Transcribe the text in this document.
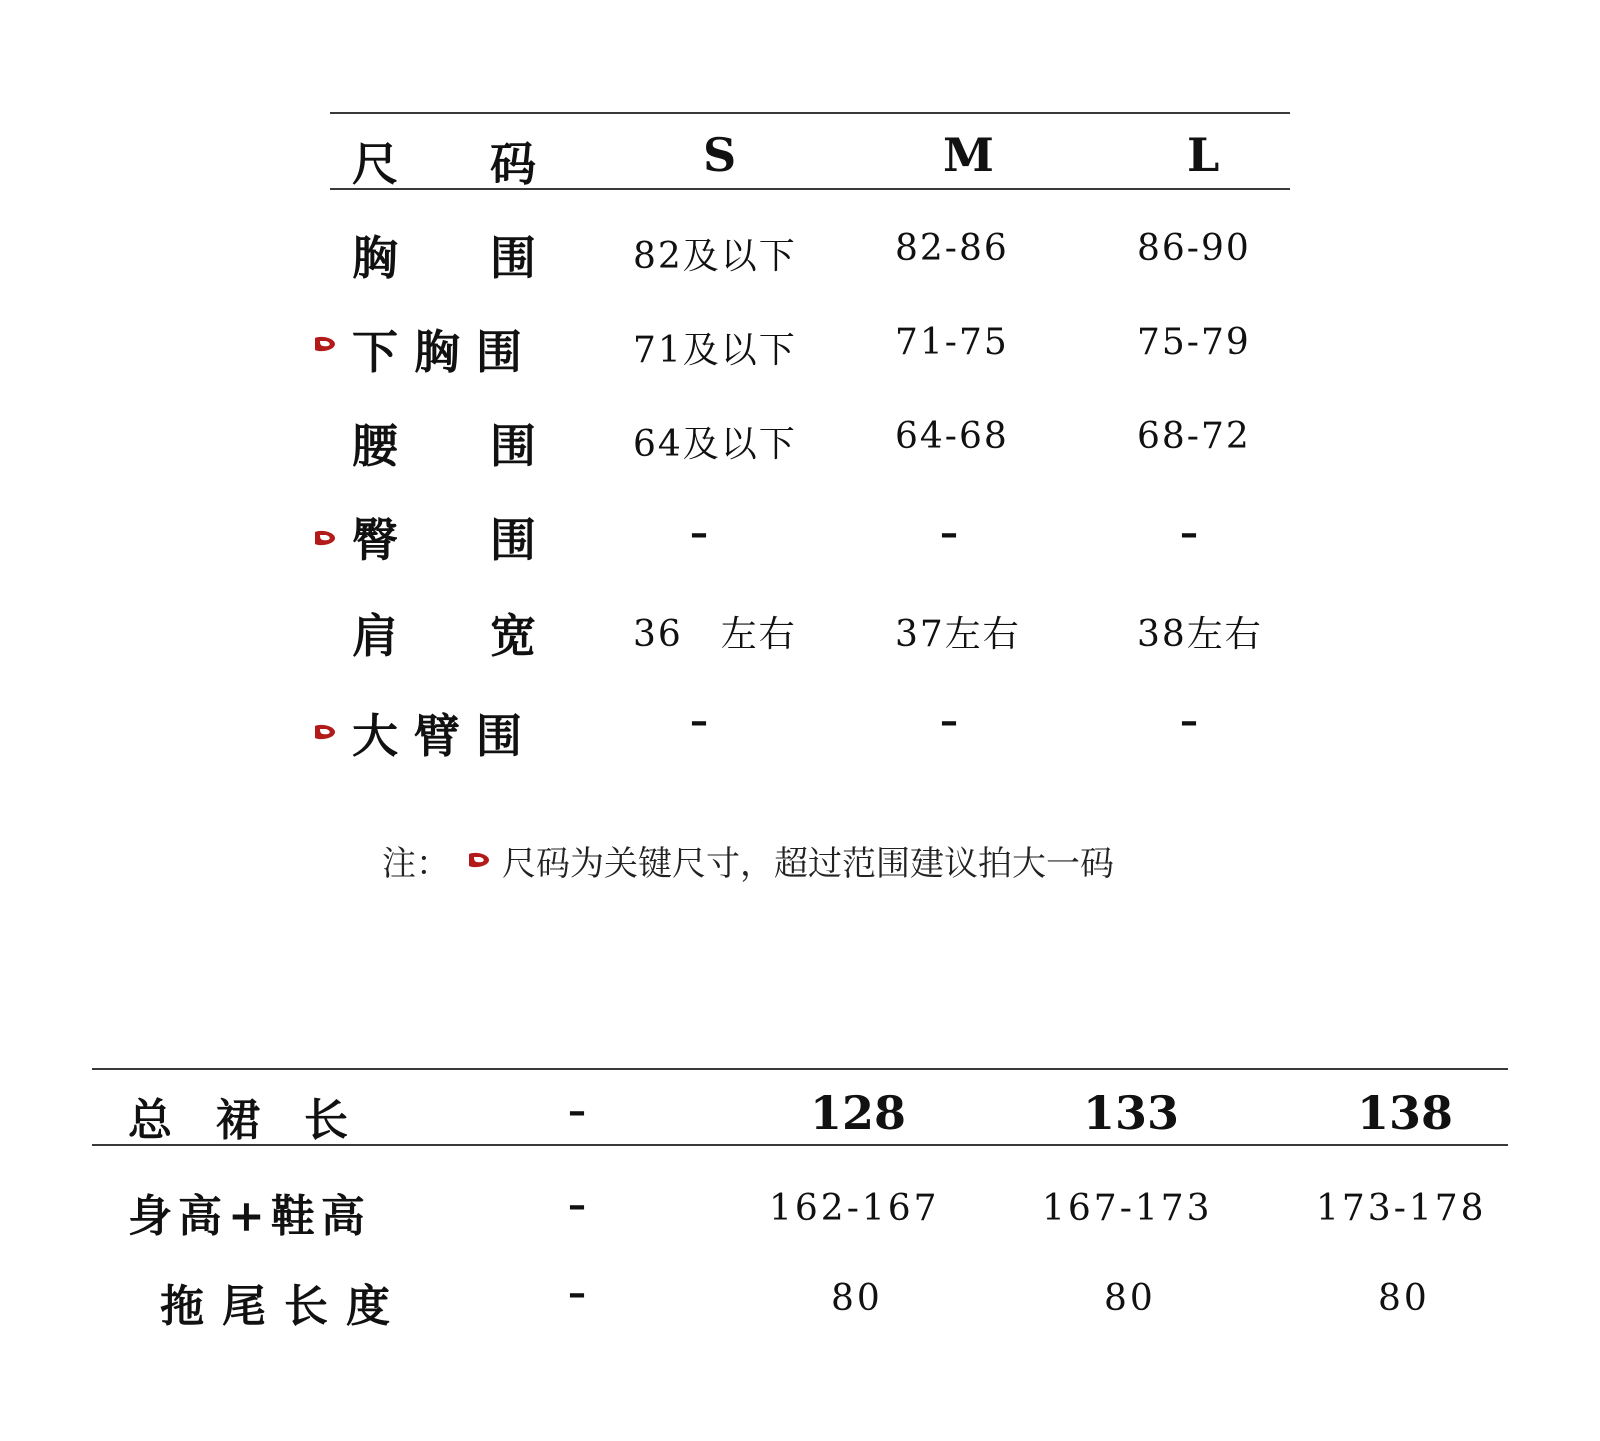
尺　　码	S	M	L
胸　　围	82及以下	82-86	86-90
下胸围	71及以下	71-75	75-79
腰　　围	64及以下	64-68	68-72
臀　　围	–	–	–
肩　　宽	36　左右	37左右	38左右
大臂围	–	–	–
注： 尺码为关键尺寸，超过范围建议拍大一码
总　裙　长	–	128	133	138
身高+鞋高	–	162-167	167-173	173-178
拖尾长度	–	80	80	80
